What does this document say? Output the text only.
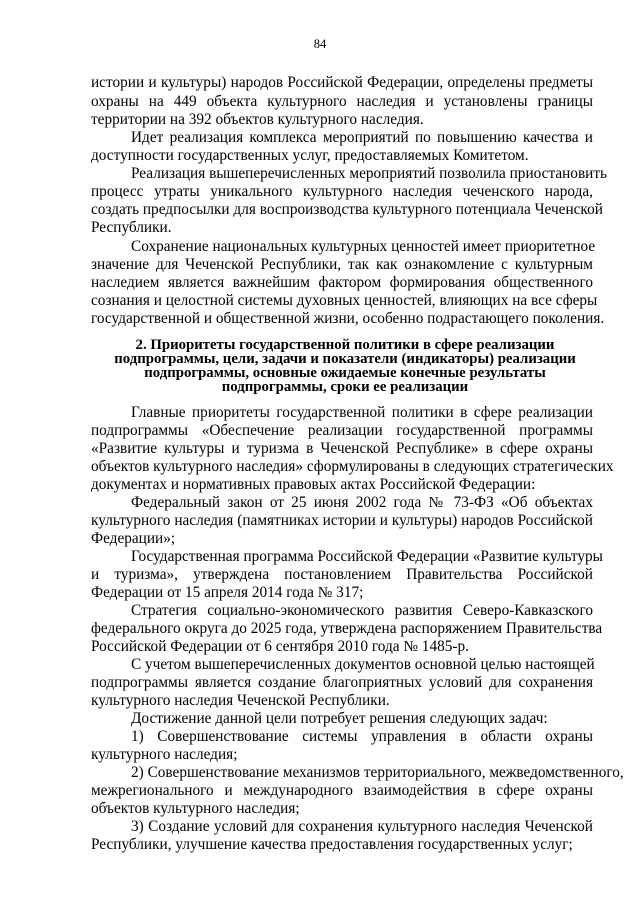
84
истории и культуры) народов Российской Федерации, определены предметы
охраны на 449 объекта культурного наследия и установлены границы
территории на 392 объектов культурного наследия.
Идет реализация комплекса мероприятий по повышению качества и
доступности государственных услуг, предоставляемых Комитетом.
Реализация вышеперечисленных мероприятий позволила приостановить
процесс утраты уникального культурного наследия чеченского народа,
создать предпосылки для воспроизводства культурного потенциала Чеченской
Республики.
Сохранение национальных культурных ценностей имеет приоритетное
значение для Чеченской Республики, так как ознакомление с культурным
наследием является важнейшим фактором формирования общественного
сознания и целостной системы духовных ценностей, влияющих на все сферы
государственной и общественной жизни, особенно подрастающего поколения.
2. Приоритеты государственной политики в сфере реализации
подпрограммы, цели, задачи и показатели (индикаторы) реализации
подпрограммы, основные ожидаемые конечные результаты
подпрограммы, сроки ее реализации
Главные приоритеты государственной политики в сфере реализации
подпрограммы «Обеспечение реализации государственной программы
«Развитие культуры и туризма в Чеченской Республике» в сфере охраны
объектов культурного наследия» сформулированы в следующих стратегических
документах и нормативных правовых актах Российской Федерации:
Федеральный закон от 25 июня 2002 года № 73-ФЗ «Об объектах
культурного наследия (памятниках истории и культуры) народов Российской
Федерации»;
Государственная программа Российской Федерации «Развитие культуры
и туризма», утверждена постановлением Правительства Российской
Федерации от 15 апреля 2014 года № 317;
Стратегия социально-экономического развития Северо-Кавказского
федерального округа до 2025 года, утверждена распоряжением Правительства
Российской Федерации от 6 сентября 2010 года № 1485-р.
С учетом вышеперечисленных документов основной целью настоящей
подпрограммы является создание благоприятных условий для сохранения
культурного наследия Чеченской Республики.
Достижение данной цели потребует решения следующих задач:
1) Совершенствование системы управления в области охраны
культурного наследия;
2) Совершенствование механизмов территориального, межведомственного,
межрегионального и международного взаимодействия в сфере охраны
объектов культурного наследия;
3) Создание условий для сохранения культурного наследия Чеченской
Республики, улучшение качества предоставления государственных услуг;
